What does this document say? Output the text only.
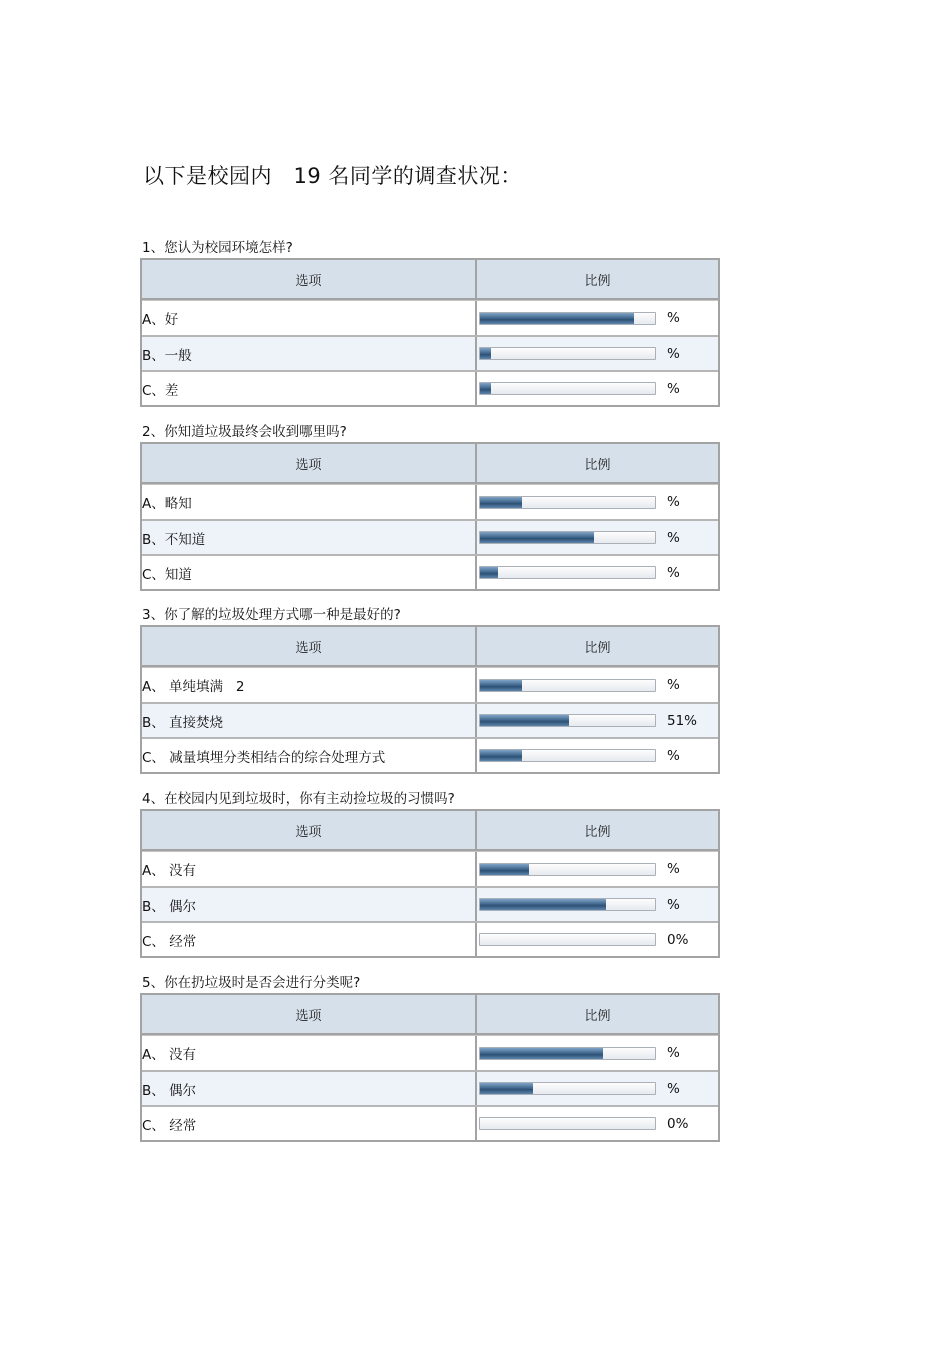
以下是校园内   19 名同学的调查状况：
1、您认为校园环境怎样?
选项	比例
A、好	%
B、一般	%
C、差	%
2、你知道垃圾最终会收到哪里吗?
选项	比例
A、略知	%
B、不知道	%
C、知道	%
3、你了解的垃圾处理方式哪一种是最好的?
选项	比例
A、 单纯填满   2	%
B、 直接焚烧	51%
C、 减量填埋分类相结合的综合处理方式	%
4、在校园内见到垃圾时，你有主动捡垃圾的习惯吗?
选项	比例
A、 没有	%
B、 偶尔	%
C、 经常	0%
5、你在扔垃圾时是否会进行分类呢?
选项	比例
A、 没有	%
B、 偶尔	%
C、 经常	0%
